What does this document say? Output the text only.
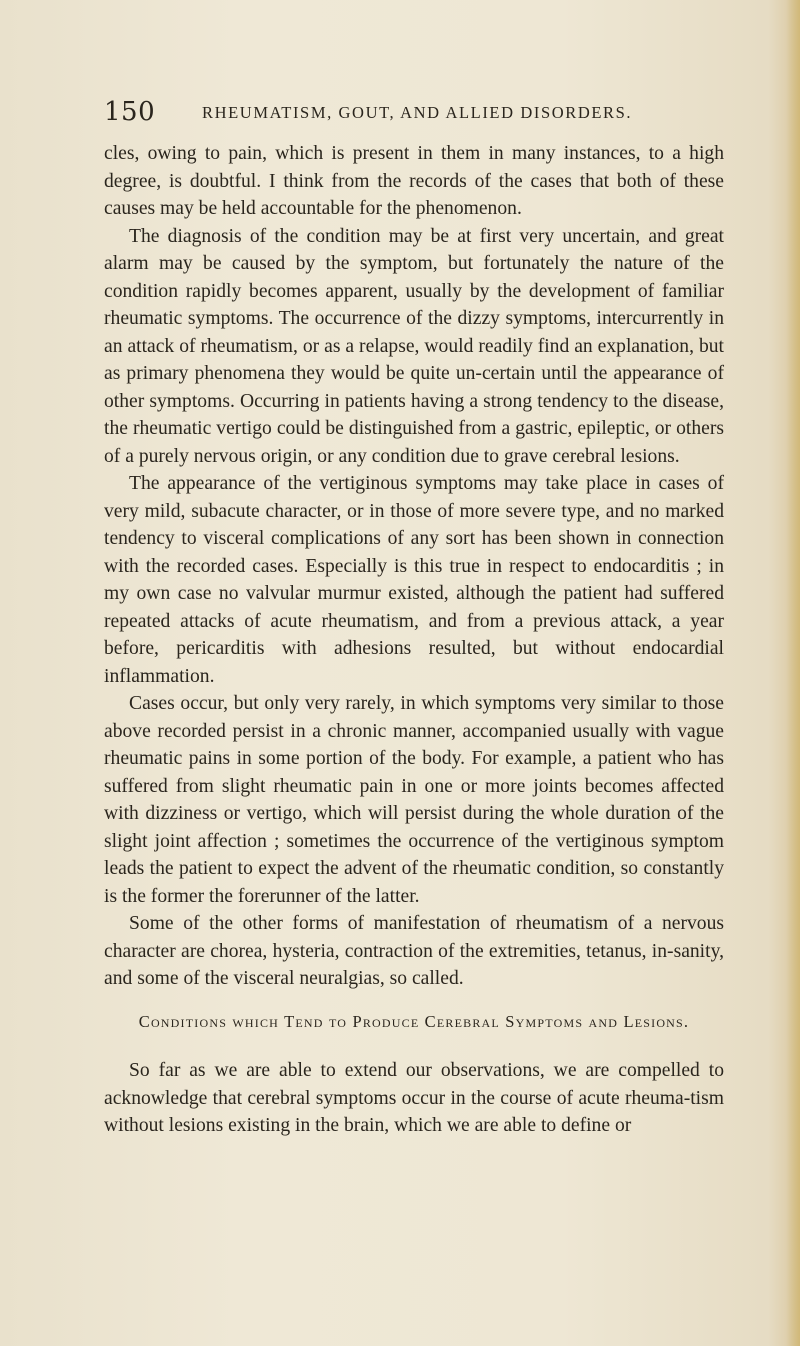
150	RHEUMATISM, GOUT, AND ALLIED DISORDERS.

cles, owing to pain, which is present in them in many instances, to a high degree, is doubtful. I think from the records of the cases that both of these causes may be held accountable for the phenomenon.

The diagnosis of the condition may be at first very uncertain, and great alarm may be caused by the symptom, but fortunately the nature of the condition rapidly becomes apparent, usually by the development of familiar rheumatic symptoms. The occurrence of the dizzy symptoms, intercurrently in an attack of rheumatism, or as a relapse, would readily find an explanation, but as primary phenomena they would be quite un-certain until the appearance of other symptoms. Occurring in patients having a strong tendency to the disease, the rheumatic vertigo could be distinguished from a gastric, epileptic, or others of a purely nervous origin, or any condition due to grave cerebral lesions.

The appearance of the vertiginous symptoms may take place in cases of very mild, subacute character, or in those of more severe type, and no marked tendency to visceral complications of any sort has been shown in connection with the recorded cases. Especially is this true in respect to endocarditis ; in my own case no valvular murmur existed, although the patient had suffered repeated attacks of acute rheumatism, and from a previous attack, a year before, pericarditis with adhesions resulted, but without endocardial inflammation.

Cases occur, but only very rarely, in which symptoms very similar to those above recorded persist in a chronic manner, accompanied usually with vague rheumatic pains in some portion of the body. For example, a patient who has suffered from slight rheumatic pain in one or more joints becomes affected with dizziness or vertigo, which will persist during the whole duration of the slight joint affection ; sometimes the occurrence of the vertiginous symptom leads the patient to expect the advent of the rheumatic condition, so constantly is the former the forerunner of the latter.

Some of the other forms of manifestation of rheumatism of a nervous character are chorea, hysteria, contraction of the extremities, tetanus, in-sanity, and some of the visceral neuralgias, so called.

Conditions which Tend to Produce Cerebral Symptoms and Lesions.

So far as we are able to extend our observations, we are compelled to acknowledge that cerebral symptoms occur in the course of acute rheuma-tism without lesions existing in the brain, which we are able to define or
